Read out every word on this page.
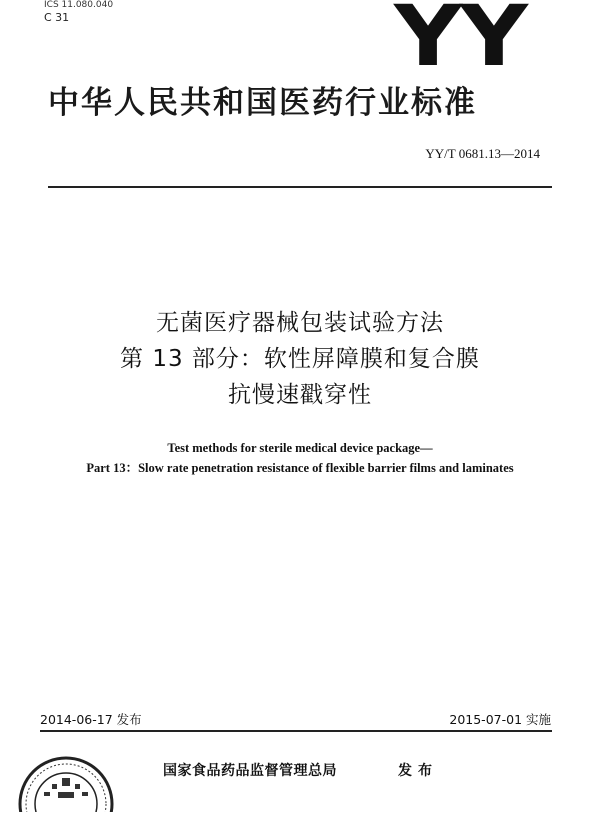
ICS 11.080.040
C 31	YY
中华人民共和国医药行业标准
YY/T 0681.13—2014
无菌医疗器械包装试验方法
第 13 部分：软性屏障膜和复合膜
抗慢速戳穿性
Test methods for sterile medical device package—
Part 13：Slow rate penetration resistance of flexible barrier films and laminates
2014-06-17 发布	2015-07-01 实施
国家食品药品监督管理总局	发布
